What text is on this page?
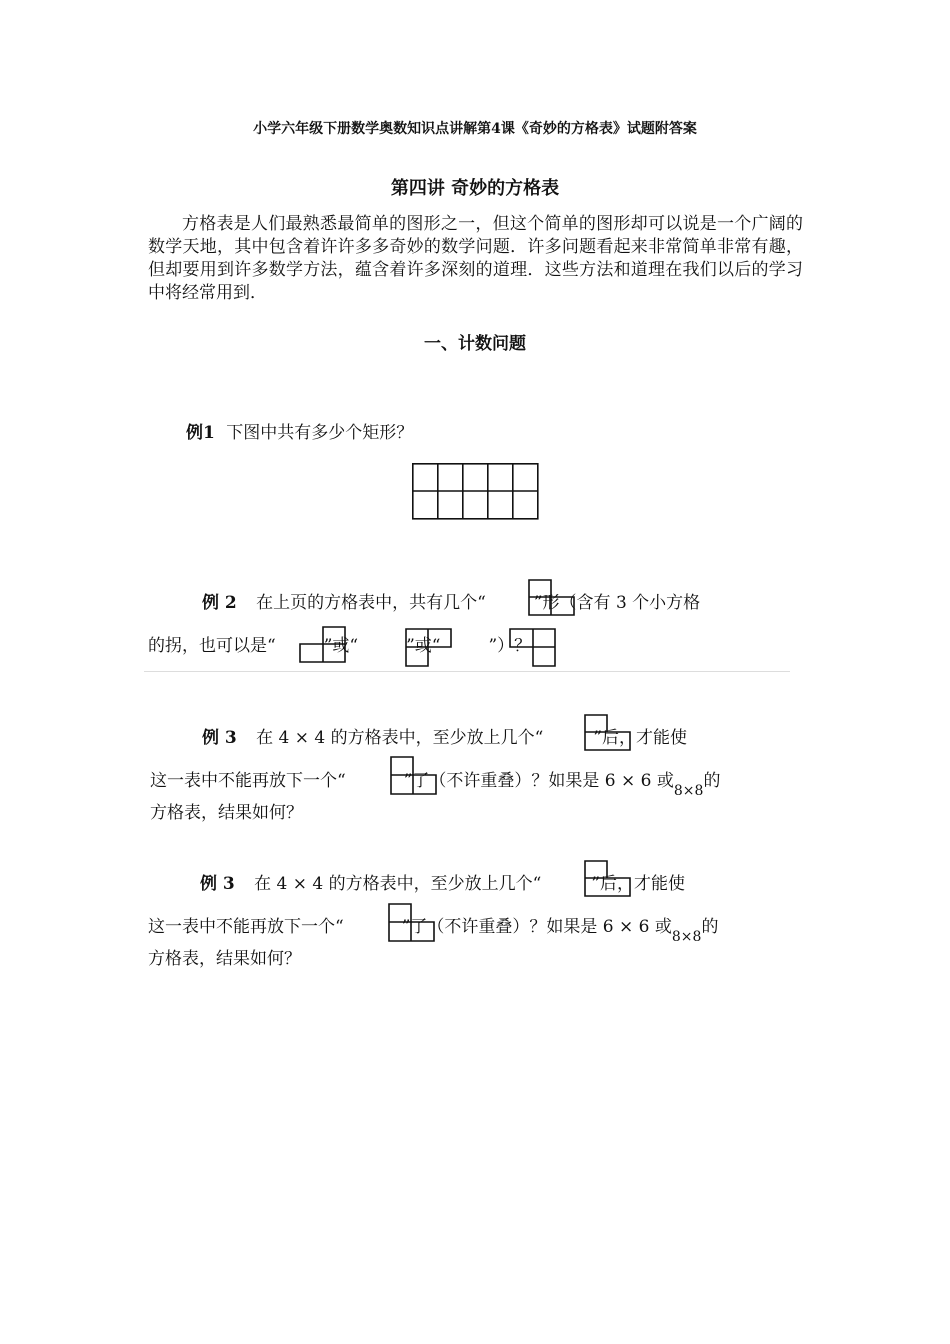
小学六年级下册数学奥数知识点讲解第4课《奇妙的方格表》试题附答案
第四讲 奇妙的方格表
方格表是人们最熟悉最简单的图形之一，但这个简单的图形却可以说是一个广阔的数学天地，其中包含着许许多多奇妙的数学问题．许多问题看起来非常简单非常有趣，但却要用到许多数学方法，蕴含着许多深刻的道理．这些方法和道理在我们以后的学习中将经常用到．
一、计数问题
例1 下图中共有多少个矩形？
例 2 在上页的方格表中，共有几个“	”形（含有 3 个小方格
的拐，也可以是“	”或“	”或“	”）？
例 3 在 4 × 4 的方格表中，至少放上几个“	”后，才能使
这一表中不能再放下一个“	”了（不许重叠）？如果是 6 × 6 或$_{8\times 8}$的
方格表，结果如何？
例 3 在 4 × 4 的方格表中，至少放上几个“	”后，才能使
这一表中不能再放下一个“	”了（不许重叠）？如果是 6 × 6 或$_{8\times 8}$的
方格表，结果如何？
